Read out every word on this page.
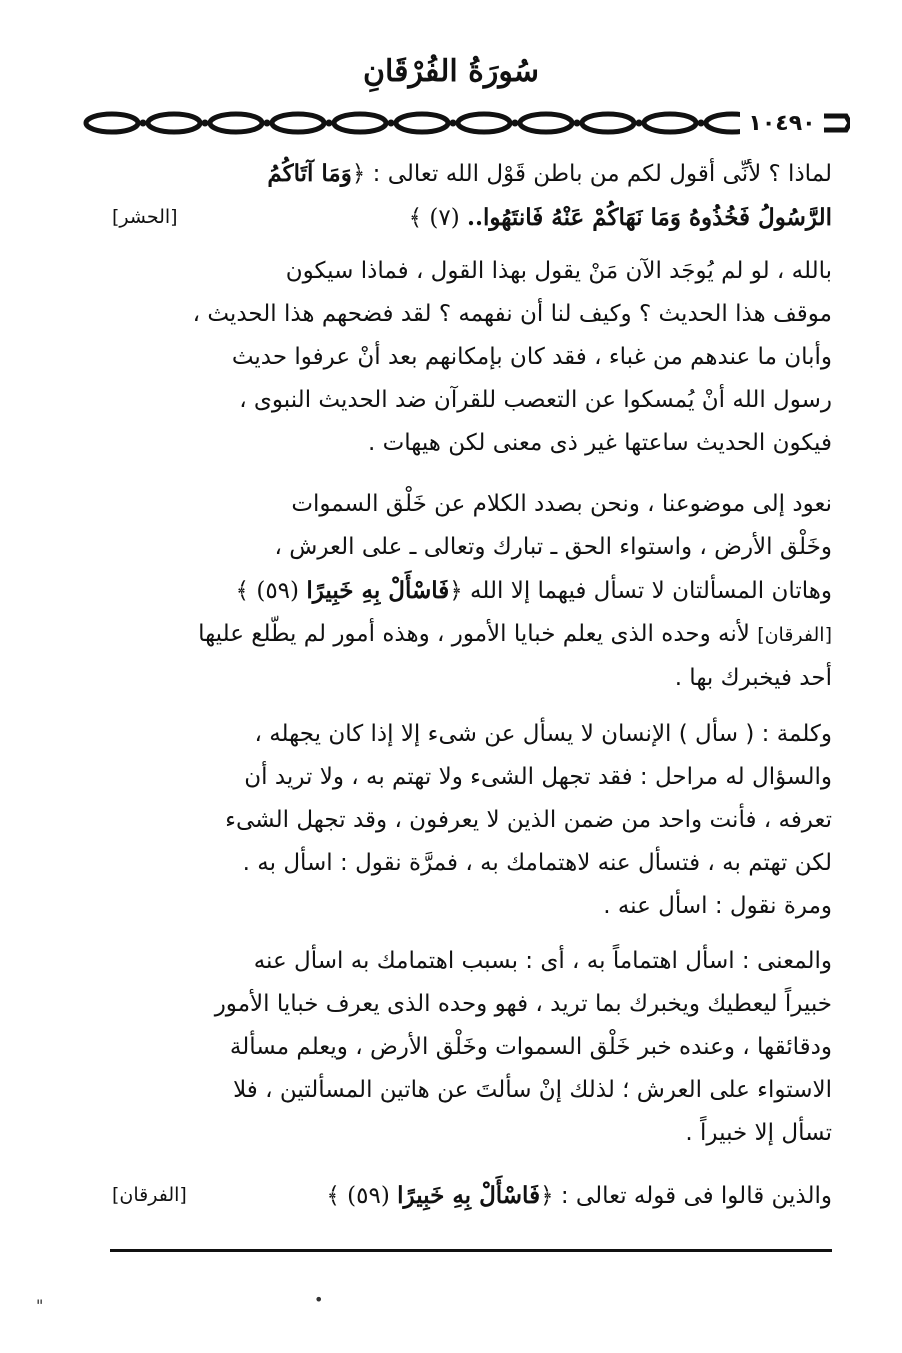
سُورَةُ الفُرْقَانِ
١٠٤٩٠

لماذا ؟ لأنِّى أقول لكم من باطن قَوْل الله تعالى : ﴿وَمَا آتَاكُمُ

الرَّسُولُ فَخُذُوهُ وَمَا نَهَاكُمْ عَنْهُ فَانتَهُوا.. (٧) ﴾
[الحشر]

بالله ، لو لم يُوجَد الآن مَنْ يقول بهذا القول ، فماذا سيكون

موقف هذا الحديث ؟ وكيف لنا أن نفهمه ؟ لقد فضحهم هذا الحديث ،

وأبان ما عندهم من غباء ، فقد كان بإمكانهم بعد أنْ عرفوا حديث

رسول الله أنْ يُمسكوا عن التعصب للقرآن ضد الحديث النبوى ،

فيكون الحديث ساعتها غير ذى معنى لكن هيهات .

نعود إلى موضوعنا ، ونحن بصدد الكلام عن خَلْق السموات

وخَلْق الأرض ، واستواء الحق ـ تبارك وتعالى ـ على العرش ،

وهاتان المسألتان لا تسأل فيهما إلا الله ﴿فَاسْأَلْ بِهِ خَبِيرًا (٥٩) ﴾

[الفرقان] لأنه وحده الذى يعلم خبايا الأمور ، وهذه أمور لم يطّلع عليها

أحد فيخبرك بها .

وكلمة : ( سأل ) الإنسان لا يسأل عن شىء إلا إذا كان يجهله ،

والسؤال له مراحل : فقد تجهل الشىء ولا تهتم به ، ولا تريد أن

تعرفه ، فأنت واحد من ضمن الذين لا يعرفون ، وقد تجهل الشىء

لكن تهتم به ، فتسأل عنه لاهتمامك به ، فمرَّة نقول : اسأل به .

ومرة نقول : اسأل عنه .

والمعنى : اسأل اهتماماً به ، أى : بسبب اهتمامك به اسأل عنه

خبيراً ليعطيك ويخبرك بما تريد ، فهو وحده الذى يعرف خبايا الأمور

ودقائقها ، وعنده خبر خَلْق السموات وخَلْق الأرض ، ويعلم مسألة

الاستواء على العرش ؛ لذلك إنْ سألتَ عن هاتين المسألتين ، فلا

تسأل إلا خبيراً .

والذين قالوا فى قوله تعالى : ﴿فَاسْأَلْ بِهِ خَبِيرًا (٥٩) ﴾
[الفرقان]

"	•
